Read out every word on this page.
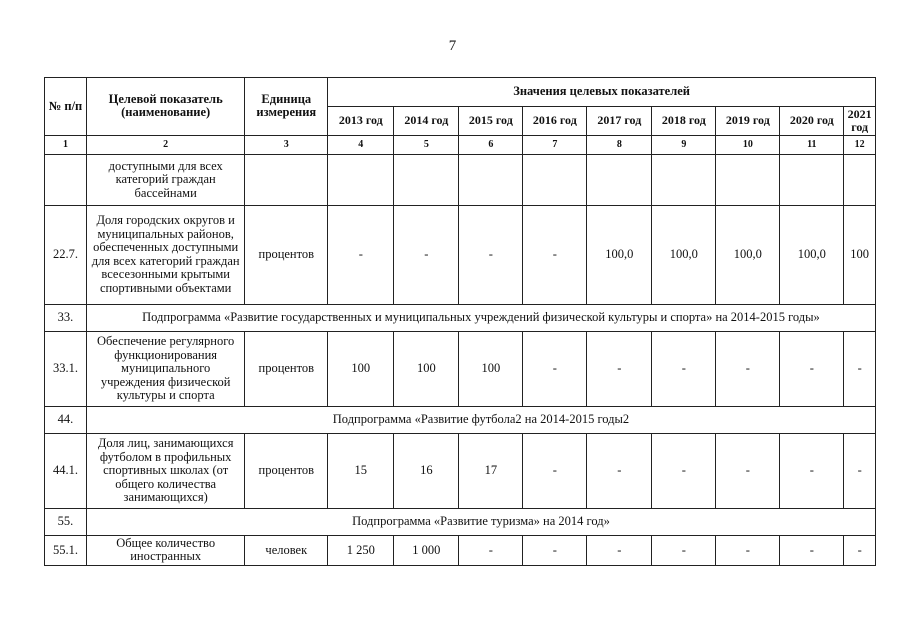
7
№ п/п	Целевой показатель (наименование)	Единица измерения	Значения целевых показателей								
			2013 год	2014 год	2015 год	2016 год	2017 год	2018 год	2019 год	2020 год	2021 год
1	2	3	4	5	6	7	8	9	10	11	12
	доступными для всех категорий граждан бассейнами										
22.7.	Доля городских округов и муниципальных районов, обеспеченных доступными для всех категорий граждан всесезонными крытыми спортивными объектами	процентов	-	-	-	-	100,0	100,0	100,0	100,0	100
33.	Подпрограмма «Развитие государственных и муниципальных учреждений физической культуры и спорта» на 2014-2015 годы»										
33.1.	Обеспечение регулярного функционирования муниципального учреждения физической культуры и спорта	процентов	100	100	100	-	-	-	-	-	-
44.	Подпрограмма «Развитие футбола2 на 2014-2015 годы2										
44.1.	Доля лиц, занимающихся футболом в профильных спортивных школах (от общего количества занимающихся)	процентов	15	16	17	-	-	-	-	-	-
55.	Подпрограмма «Развитие туризма» на 2014 год»										
55.1.	Общее количество иностранных	человек	1 250	1 000	-	-	-	-	-	-	-
